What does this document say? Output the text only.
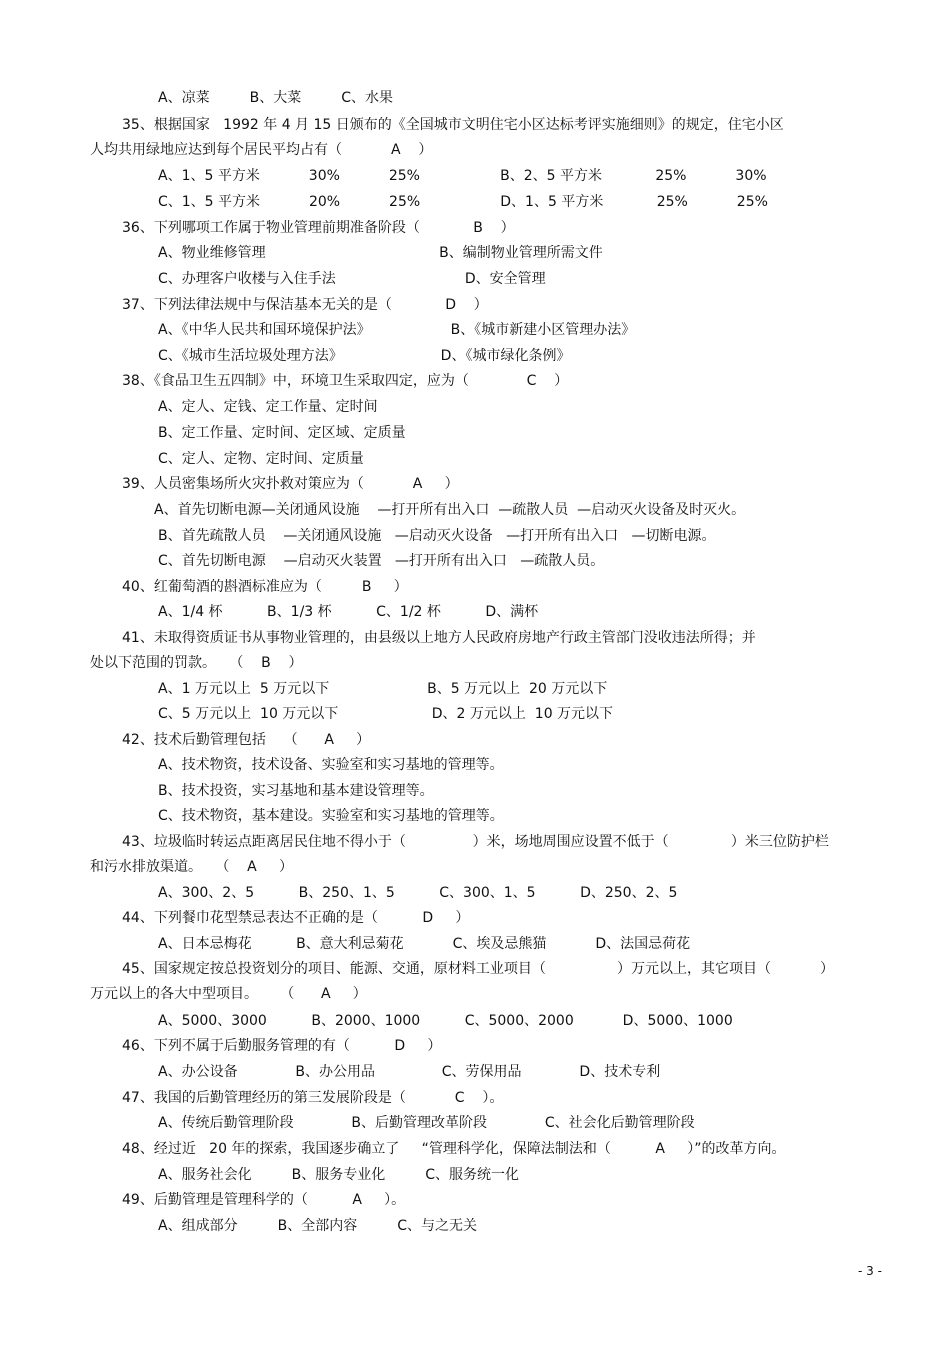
A、凉菜         B、大菜         C、水果
35、根据国家   1992 年 4 月 15 日颁布的《全国城市文明住宅小区达标考评实施细则》的规定，住宅小区
人均共用绿地应达到每个居民平均占有（           A    ）
A、1、5 平方米           30%           25%                  B、2、5 平方米            25%           30%
C、1、5 平方米           20%           25%                  D、1、5 平方米            25%           25%
36、下列哪项工作属于物业管理前期准备阶段（            B    ）
A、物业维修管理                                       B、编制物业管理所需文件
C、办理客户收楼与入住手法                             D、安全管理
37、下列法律法规中与保洁基本无关的是（            D    ）
A、《中华人民共和国环境保护法》                  B、《城市新建小区管理办法》
C、《城市生活垃圾处理方法》                      D、《城市绿化条例》
38、《食品卫生五四制》中，环境卫生采取四定，应为（             C    ）
A、定人、定钱、定工作量、定时间
B、定工作量、定时间、定区域、定质量
C、定人、定物、定时间、定质量
39、人员密集场所火灾扑救对策应为（           A     ）
A、首先切断电源—关闭通风设施    —打开所有出入口  —疏散人员  —启动灭火设备及时灭火。
B、首先疏散人员    —关闭通风设施   —启动灭火设备   —打开所有出入口   —切断电源。
C、首先切断电源    —启动灭火装置   —打开所有出入口   —疏散人员。
40、红葡萄酒的斟酒标准应为（         B     ）
A、1/4 杯          B、1/3 杯          C、1/2 杯          D、满杯
41、未取得资质证书从事物业管理的，由县级以上地方人民政府房地产行政主管部门没收违法所得；并
处以下范围的罚款。   （    B    ）
A、1 万元以上  5 万元以下                      B、5 万元以上  20 万元以下
C、5 万元以上  10 万元以下                     D、2 万元以上  10 万元以下
42、技术后勤管理包括    （      A     ）
A、技术物资，技术设备、实验室和实习基地的管理等。
B、技术投资，实习基地和基本建设管理等。
C、技术物资，基本建设。实验室和实习基地的管理等。
43、垃圾临时转运点距离居民住地不得小于（               ）米，场地周围应设置不低于（              ）米三位防护栏
和污水排放渠道。   （    A     ）
A、300、2、5          B、250、1、5          C、300、1、5          D、250、2、5
44、下列餐巾花型禁忌表达不正确的是（          D     ）
A、日本忌梅花          B、意大利忌菊花           C、埃及忌熊猫           D、法国忌荷花
45、国家规定按总投资划分的项目、能源、交通，原材料工业项目（                ）万元以上，其它项目（           ）
万元以上的各大中型项目。     （      A     ）
A、5000、3000          B、2000、1000          C、5000、2000           D、5000、1000
46、下列不属于后勤服务管理的有（          D     ）
A、办公设备             B、办公用品               C、劳保用品             D、技术专利
47、我国的后勤管理经历的第三发展阶段是（           C    ）。
A、传统后勤管理阶段             B、后勤管理改革阶段             C、社会化后勤管理阶段
48、经过近   20 年的探索，我国逐步确立了     “管理科学化，保障法制法和（          A     ）”的改革方向。
A、服务社会化         B、服务专业化         C、服务统一化
49、后勤管理是管理科学的（          A     ）。
A、组成部分         B、全部内容         C、与之无关
- 3 -
